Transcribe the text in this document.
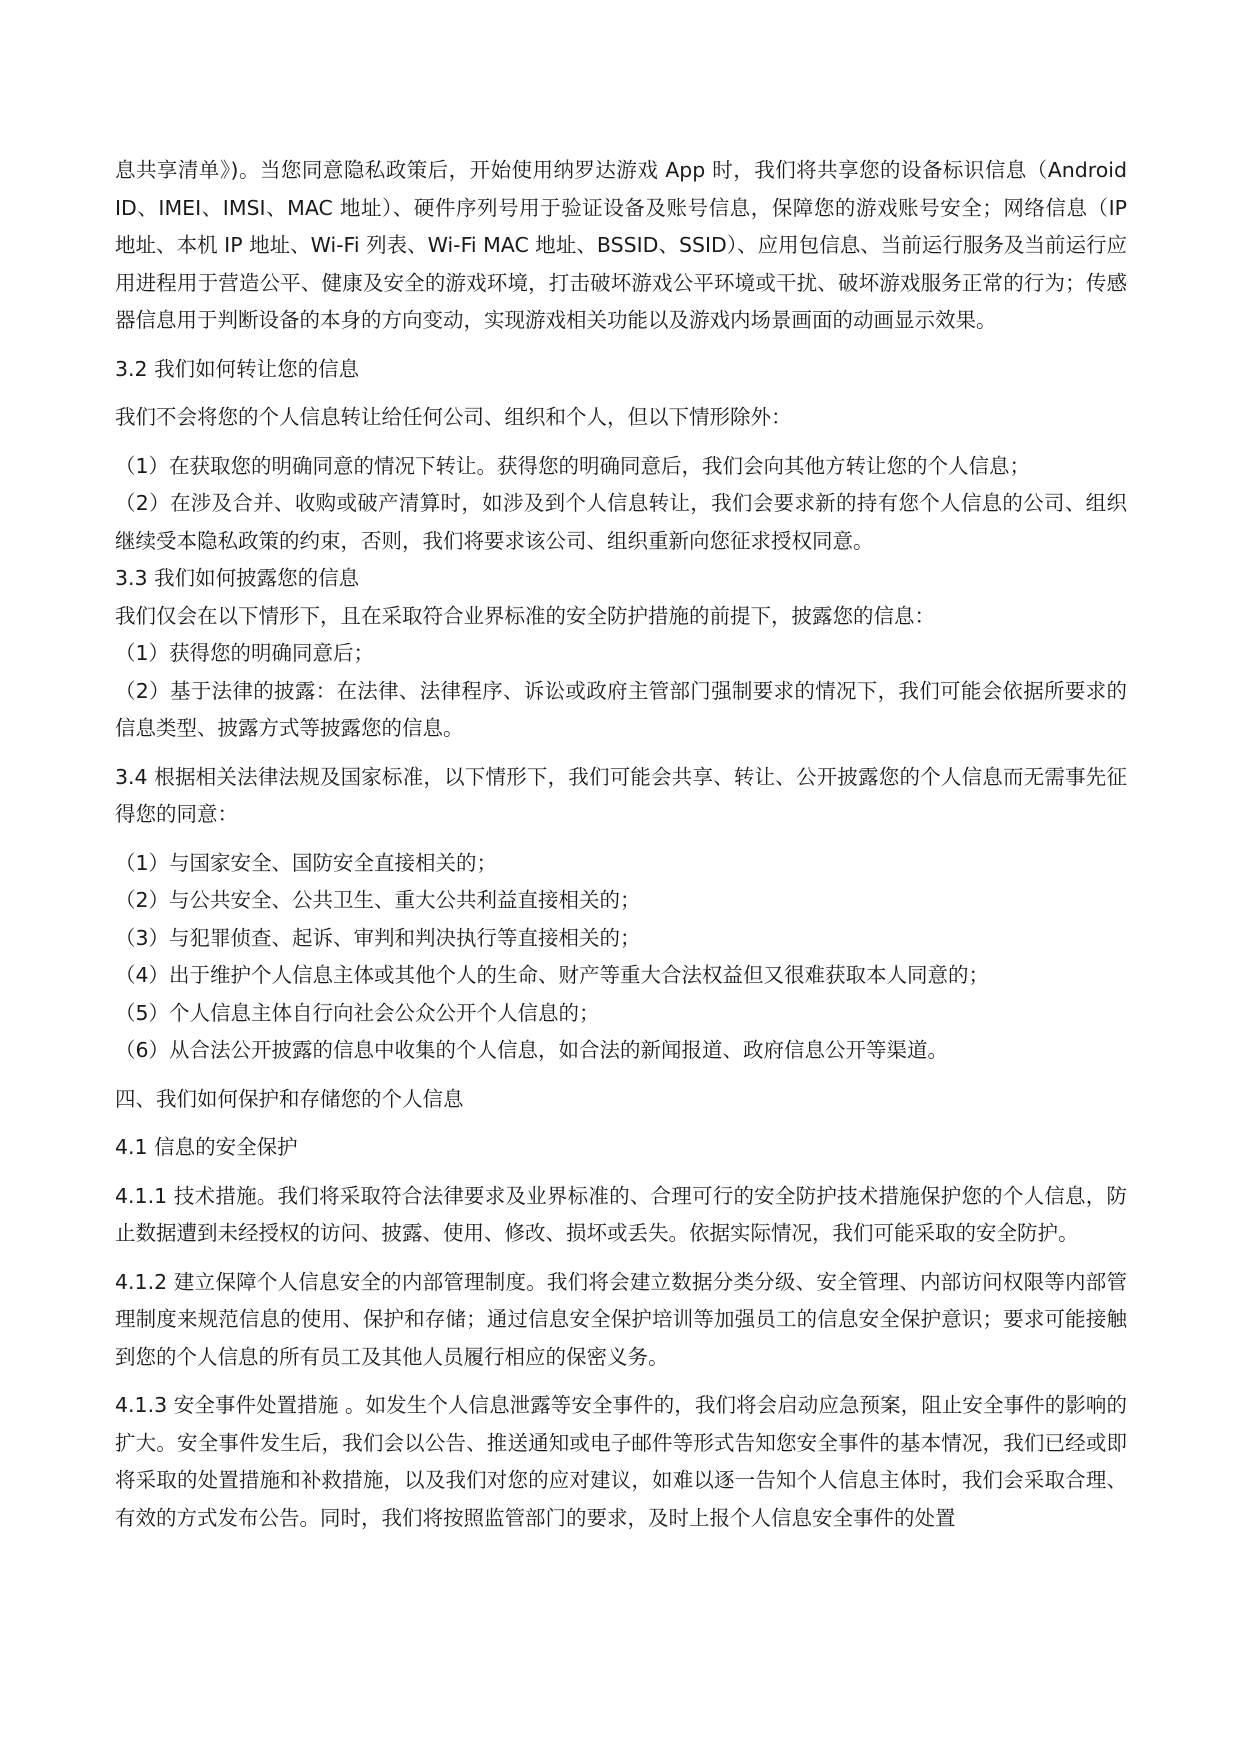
息共享清单》)。当您同意隐私政策后，开始使用纳罗达游戏 App 时，我们将共享您的设备标识信息（Android ID、IMEI、IMSI、MAC 地址）、硬件序列号用于验证设备及账号信息，保障您的游戏账号安全；网络信息（IP 地址、本机 IP 地址、Wi-Fi 列表、Wi-Fi MAC 地址、BSSID、SSID）、应用包信息、当前运行服务及当前运行应用进程用于营造公平、健康及安全的游戏环境，打击破坏游戏公平环境或干扰、破坏游戏服务正常的行为；传感器信息用于判断设备的本身的方向变动，实现游戏相关功能以及游戏内场景画面的动画显示效果。

3.2 我们如何转让您的信息

我们不会将您的个人信息转让给任何公司、组织和个人，但以下情形除外：

（1）在获取您的明确同意的情况下转让。获得您的明确同意后，我们会向其他方转让您的个人信息；

（2）在涉及合并、收购或破产清算时，如涉及到个人信息转让，我们会要求新的持有您个人信息的公司、组织继续受本隐私政策的约束，否则，我们将要求该公司、组织重新向您征求授权同意。

3.3 我们如何披露您的信息

我们仅会在以下情形下，且在采取符合业界标准的安全防护措施的前提下，披露您的信息：

（1）获得您的明确同意后；

（2）基于法律的披露：在法律、法律程序、诉讼或政府主管部门强制要求的情况下，我们可能会依据所要求的信息类型、披露方式等披露您的信息。

3.4 根据相关法律法规及国家标准，以下情形下，我们可能会共享、转让、公开披露您的个人信息而无需事先征得您的同意：

（1）与国家安全、国防安全直接相关的；

（2）与公共安全、公共卫生、重大公共利益直接相关的；

（3）与犯罪侦查、起诉、审判和判决执行等直接相关的；

（4）出于维护个人信息主体或其他个人的生命、财产等重大合法权益但又很难获取本人同意的；

（5）个人信息主体自行向社会公众公开个人信息的；

（6）从合法公开披露的信息中收集的个人信息，如合法的新闻报道、政府信息公开等渠道。

四、我们如何保护和存储您的个人信息

4.1 信息的安全保护

4.1.1 技术措施。我们将采取符合法律要求及业界标准的、合理可行的安全防护技术措施保护您的个人信息，防止数据遭到未经授权的访问、披露、使用、修改、损坏或丢失。依据实际情况，我们可能采取的安全防护。

4.1.2 建立保障个人信息安全的内部管理制度。我们将会建立数据分类分级、安全管理、内部访问权限等内部管理制度来规范信息的使用、保护和存储；通过信息安全保护培训等加强员工的信息安全保护意识；要求可能接触到您的个人信息的所有员工及其他人员履行相应的保密义务。

4.1.3 安全事件处置措施 。如发生个人信息泄露等安全事件的，我们将会启动应急预案，阻止安全事件的影响的扩大。安全事件发生后，我们会以公告、推送通知或电子邮件等形式告知您安全事件的基本情况，我们已经或即将采取的处置措施和补救措施，以及我们对您的应对建议，如难以逐一告知个人信息主体时，我们会采取合理、有效的方式发布公告。同时，我们将按照监管部门的要求，及时上报个人信息安全事件的处置
